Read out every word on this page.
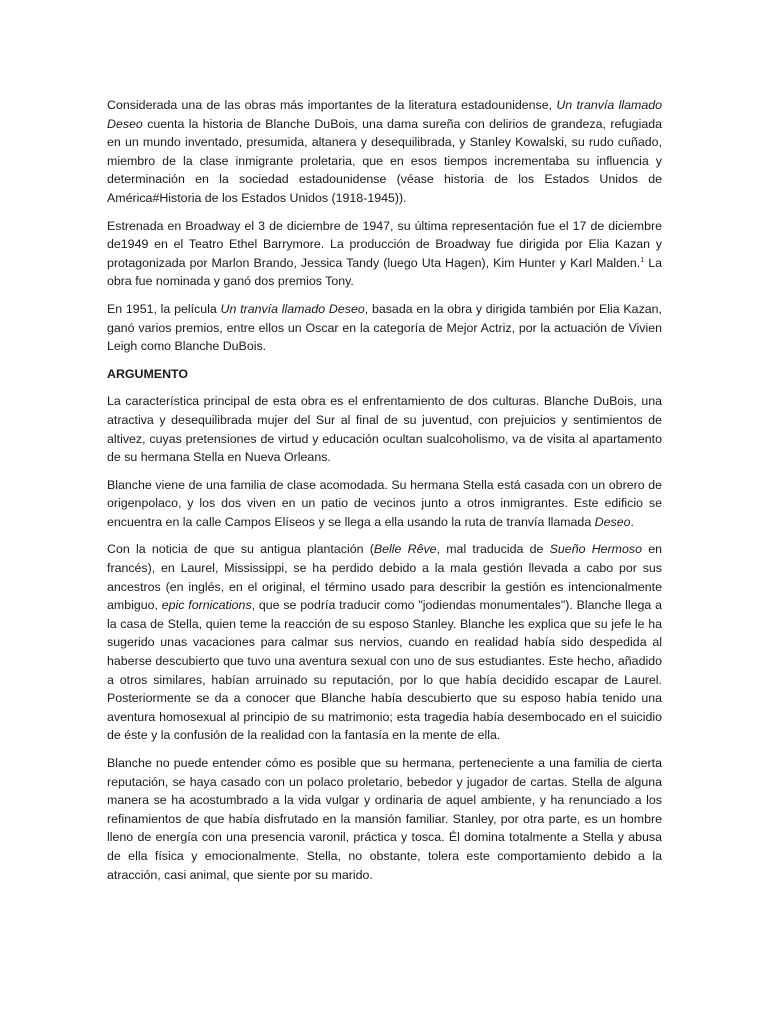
Considerada una de las obras más importantes de la literatura estadounidense, Un tranvía llamado Deseo cuenta la historia de Blanche DuBois, una dama sureña con delirios de grandeza, refugiada en un mundo inventado, presumida, altanera y desequilibrada, y Stanley Kowalski, su rudo cuñado, miembro de la clase inmigrante proletaria, que en esos tiempos incrementaba su influencia y determinación en la sociedad estadounidense (véase historia de los Estados Unidos de América#Historia de los Estados Unidos (1918-1945)).

Estrenada en Broadway el 3 de diciembre de 1947, su última representación fue el 17 de diciembre de1949 en el Teatro Ethel Barrymore. La producción de Broadway fue dirigida por Elia Kazan y protagonizada por Marlon Brando, Jessica Tandy (luego Uta Hagen), Kim Hunter y Karl Malden.$^1$ La obra fue nominada y ganó dos premios Tony.

En 1951, la película Un tranvía llamado Deseo, basada en la obra y dirigida también por Elia Kazan, ganó varios premios, entre ellos un Oscar en la categoría de Mejor Actriz, por la actuación de Vivien Leigh como Blanche DuBois.

ARGUMENTO

La característica principal de esta obra es el enfrentamiento de dos culturas. Blanche DuBois, una atractiva y desequilibrada mujer del Sur al final de su juventud, con prejuicios y sentimientos de altivez, cuyas pretensiones de virtud y educación ocultan sualcoholismo, va de visita al apartamento de su hermana Stella en Nueva Orleans.

Blanche viene de una familia de clase acomodada. Su hermana Stella está casada con un obrero de origenpolaco, y los dos viven en un patio de vecinos junto a otros inmigrantes. Este edificio se encuentra en la calle Campos Elíseos y se llega a ella usando la ruta de tranvía llamada Deseo.

Con la noticia de que su antigua plantación (Belle Rêve, mal traducida de Sueño Hermoso en francés), en Laurel, Mississippi, se ha perdido debido a la mala gestión llevada a cabo por sus ancestros (en inglés, en el original, el término usado para describir la gestión es intencionalmente ambiguo, epic fornications, que se podría traducir como "jodiendas monumentales"). Blanche llega a la casa de Stella, quien teme la reacción de su esposo Stanley. Blanche les explica que su jefe le ha sugerido unas vacaciones para calmar sus nervios, cuando en realidad había sido despedida al haberse descubierto que tuvo una aventura sexual con uno de sus estudiantes. Este hecho, añadido a otros similares, habían arruinado su reputación, por lo que había decidido escapar de Laurel. Posteriormente se da a conocer que Blanche había descubierto que su esposo había tenido una aventura homosexual al principio de su matrimonio; esta tragedia había desembocado en el suicidio de éste y la confusión de la realidad con la fantasía en la mente de ella.

Blanche no puede entender cómo es posible que su hermana, perteneciente a una familia de cierta reputación, se haya casado con un polaco proletario, bebedor y jugador de cartas. Stella de alguna manera se ha acostumbrado a la vida vulgar y ordinaria de aquel ambiente, y ha renunciado a los refinamientos de que había disfrutado en la mansión familiar. Stanley, por otra parte, es un hombre lleno de energía con una presencia varonil, práctica y tosca. Él domina totalmente a Stella y abusa de ella física y emocionalmente. Stella, no obstante, tolera este comportamiento debido a la atracción, casi animal, que siente por su marido.
